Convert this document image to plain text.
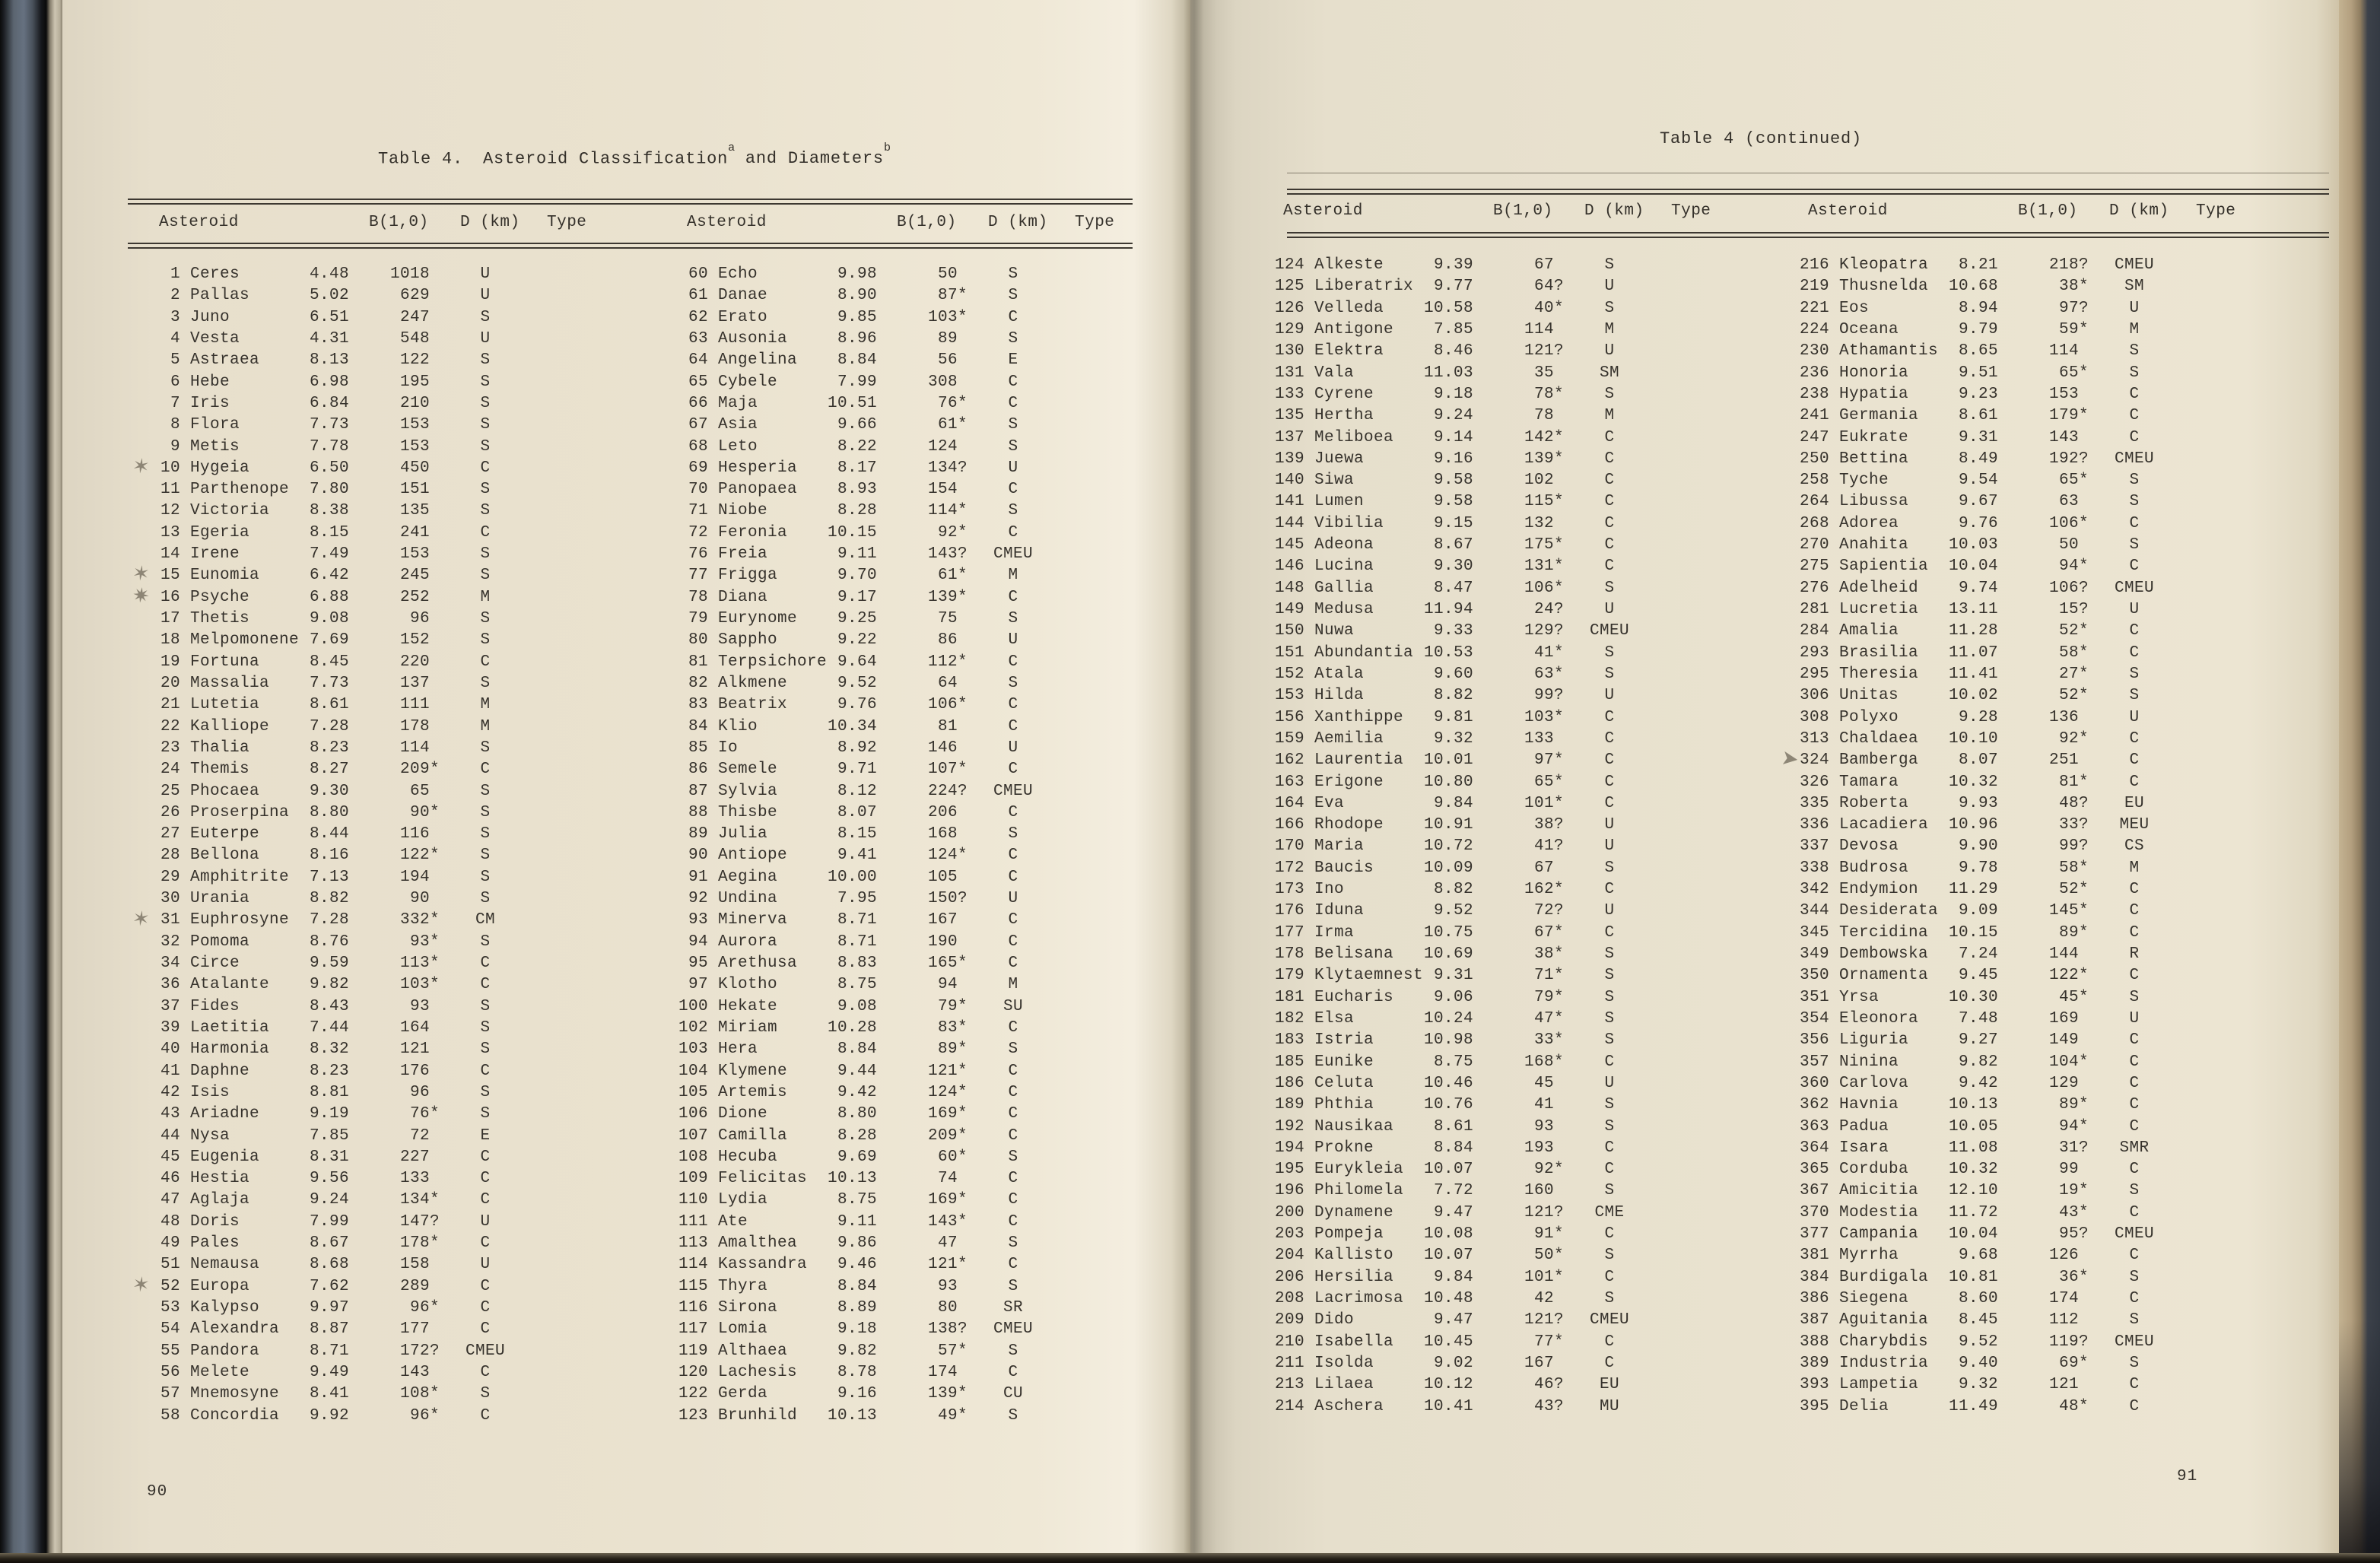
Table 4. Asteroid Classification$^a$and Diameters$^b$
Asteroid	B(1,0) D (km) Type	Asteroid	B(1,0) D (km) Type
1 Ceres	4.48	1018	U
2 Pallas	5.02	629	U
3 Juno	6.51	247	S
4 Vesta	4.31	548	U
5 Astraea	8.13	122	S
6 Hebe	6.98	195	S
7 Iris	6.84	210	S
8 Flora	7.73	153	S
9 Metis	7.78	153	S
10 Hygeia	6.50	450	C
11 Parthenope	7.80	151	S
12 Victoria	8.38	135	S
13 Egeria	8.15	241	C
14 Irene	7.49	153	S
15 Eunomia	6.42	245	S
16 Psyche	6.88	252	M
17 Thetis	9.08	96	S
18 Melpomonene 7.69	152	S
19 Fortuna	8.45	220	C
20 Massalia	7.73	137	S
21 Lutetia	8.61	111	M
22 Kalliope	7.28	178	M
23 Thalia	8.23	114	S
24 Themis	8.27	209 *	C
25 Phocaea	9.30	65	S
26 Proserpina	8.80	90 *	S
27 Euterpe	8.44	116	S
28 Bellona	8.16	122 *	S
29 Amphitrite	7.13	194	S
30 Urania	8.82	90	S
31 Euphrosyne	7.28	332 *	CM
32 Pomoma	8.76	93 *	S
34 Circe	9.59	113 *	C
36 Atalante	9.82	103 *	C
37 Fides	8.43	93	S
39 Laetitia	7.44	164	S
40 Harmonia	8.32	121	S
41 Daphne	8.23	176	C
42 Isis	8.81	96	S
43 Ariadne	9.19	76 *	S
44 Nysa	7.85	72	E
45 Eugenia	8.31	227	C
46 Hestia	9.56	133	C
47 Aglaja	9.24	134 *	C
48 Doris	7.99	147 ?	U
49 Pales	8.67	178 *	C
51 Nemausa	8.68	158	U
52 Europa	7.62	289	C
53 Kalypso	9.97	96 *	C
54 Alexandra	8.87	177	C
55 Pandora	8.71	172 ?	CMEU
56 Melete	9.49	143	C
57 Mnemosyne	8.41	108 *	S
58 Concordia	9.92	96 *	C
60 Echo	9.98	50	S
61 Danae	8.90	87 *	S
62 Erato	9.85	103 *	C
63 Ausonia	8.96	89	S
64 Angelina	8.84	56	E
65 Cybele	7.99	308	C
66 Maja	10.51	76 *	C
67 Asia	9.66	61 *	S
68 Leto	8.22	124	S
69 Hesperia	8.17	134 ?	U
70 Panopaea	8.93	154	C
71 Niobe	8.28	114 *	S
72 Feronia	10.15	92 *	C
76 Freia	9.11	143 ?	CMEU
77 Frigga	9.70	61 *	M
78 Diana	9.17	139 *	C
79 Eurynome	9.25	75	S
80 Sappho	9.22	86	U
81 Terpsichore 9.64	112 *	C
82 Alkmene	9.52	64	S
83 Beatrix	9.76	106 *	C
84 Klio	10.34	81	C
85 Io	8.92	146	U
86 Semele	9.71	107 *	C
87 Sylvia	8.12	224 ?	CMEU
88 Thisbe	8.07	206	C
89 Julia	8.15	168	S
90 Antiope	9.41	124 *	C
91 Aegina	10.00	105	C
92 Undina	7.95	150 ?	U
93 Minerva	8.71	167	C
94 Aurora	8.71	190	C
95 Arethusa	8.83	165 *	C
97 Klotho	8.75	94	M
100 Hekate	9.08	79 *	SU
102 Miriam	10.28	83 *	C
103 Hera	8.84	89 *	S
104 Klymene	9.44	121 *	C
105 Artemis	9.42	124 *	C
106 Dione	8.80	169 *	C
107 Camilla	8.28	209 *	C
108 Hecuba	9.69	60 *	S
109 Felicitas	10.13	74	C
110 Lydia	8.75	169 *	C
111 Ate	9.11	143 *	C
113 Amalthea	9.86	47	S
114 Kassandra	9.46	121 *	C
115 Thyra	8.84	93	S
116 Sirona	8.89	80	SR
117 Lomia	9.18	138 ?	CMEU
119 Althaea	9.82	57 *	S
120 Lachesis	8.78	174	C
122 Gerda	9.16	139 *	CU
123 Brunhild	10.13	49 *	S
90
Table 4 (continued)
Asteroid	B(1,0) D (km) Type	Asteroid	B(1,0) D (km) Type
124 Alkeste	9.39	67	S
125 Liberatrix	9.77	64 ?	U
126 Velleda	10.58	40 *	S
129 Antigone	7.85	114	M
130 Elektra	8.46	121 ?	U
131 Vala	11.03	35	SM
133 Cyrene	9.18	78 *	S
135 Hertha	9.24	78	M
137 Meliboea	9.14	142 *	C
139 Juewa	9.16	139 *	C
140 Siwa	9.58	102	C
141 Lumen	9.58	115 *	C
144 Vibilia	9.15	132	C
145 Adeona	8.67	175 *	C
146 Lucina	9.30	131 *	C
148 Gallia	8.47	106 *	S
149 Medusa	11.94	24 ?	U
150 Nuwa	9.33	129 ?	CMEU
151 Abundantia 10.53	41 *	S
152 Atala	9.60	63 *	S
153 Hilda	8.82	99 ?	U
156 Xanthippe	9.81	103 *	C
159 Aemilia	9.32	133	C
162 Laurentia	10.01	97 *	C
163 Erigone	10.80	65 *	C
164 Eva	9.84	101 *	C
166 Rhodope	10.91	38 ?	U
170 Maria	10.72	41 ?	U
172 Baucis	10.09	67	S
173 Ino	8.82	162 *	C
176 Iduna	9.52	72 ?	U
177 Irma	10.75	67 *	C
178 Belisana	10.69	38 *	S
179 Klytaemnest 9.31	71 *	S
181 Eucharis	9.06	79 *	S
182 Elsa	10.24	47 *	S
183 Istria	10.98	33 *	S
185 Eunike	8.75	168 *	C
186 Celuta	10.46	45	U
189 Phthia	10.76	41	S
192 Nausikaa	8.61	93	S
194 Prokne	8.84	193	C
195 Eurykleia	10.07	92 *	C
196 Philomela	7.72	160	S
200 Dynamene	9.47	121 ?	CME
203 Pompeja	10.08	91 *	C
204 Kallisto	10.07	50 *	S
206 Hersilia	9.84	101 *	C
208 Lacrimosa	10.48	42	S
209 Dido	9.47	121 ?	CMEU
210 Isabella	10.45	77 *	C
211 Isolda	9.02	167	C
213 Lilaea	10.12	46 ?	EU
214 Aschera	10.41	43 ?	MU
216 Kleopatra	8.21	218 ?	CMEU
219 Thusnelda	10.68	38 *	SM
221 Eos	8.94	97 ?	U
224 Oceana	9.79	59 *	M
230 Athamantis	8.65	114	S
236 Honoria	9.51	65 *	S
238 Hypatia	9.23	153	C
241 Germania	8.61	179 *	C
247 Eukrate	9.31	143	C
250 Bettina	8.49	192 ?	CMEU
258 Tyche	9.54	65 *	S
264 Libussa	9.67	63	S
268 Adorea	9.76	106 *	C
270 Anahita	10.03	50	S
275 Sapientia	10.04	94 *	C
276 Adelheid	9.74	106 ?	CMEU
281 Lucretia	13.11	15 ?	U
284 Amalia	11.28	52 *	C
293 Brasilia	11.07	58 *	C
295 Theresia	11.41	27 *	S
306 Unitas	10.02	52 *	S
308 Polyxo	9.28	136	U
313 Chaldaea	10.10	92 *	C
324 Bamberga	8.07	251	C
326 Tamara	10.32	81 *	C
335 Roberta	9.93	48 ?	EU
336 Lacadiera	10.96	33 ?	MEU
337 Devosa	9.90	99 ?	CS
338 Budrosa	9.78	58 *	M
342 Endymion	11.29	52 *	C
344 Desiderata	9.09	145 *	C
345 Tercidina	10.15	89 *	C
349 Dembowska	7.24	144	R
350 Ornamenta	9.45	122 *	C
351 Yrsa	10.30	45 *	S
354 Eleonora	7.48	169	U
356 Liguria	9.27	149	C
357 Ninina	9.82	104 *	C
360 Carlova	9.42	129	C
362 Havnia	10.13	89 *	C
363 Padua	10.05	94 *	C
364 Isara	11.08	31 ?	SMR
365 Corduba	10.32	99	C
367 Amicitia	12.10	19 *	S
370 Modestia	11.72	43 *	C
377 Campania	10.04	95 ?	CMEU
381 Myrrha	9.68	126	C
384 Burdigala	10.81	36 *	S
386 Siegena	8.60	174	C
387 Aguitania	8.45	112	S
388 Charybdis	9.52	119 ?	CMEU
389 Industria	9.40	69 *	S
393 Lampetia	9.32	121	C
395 Delia	11.49	48 *	C
91
✶
✶
✷
✶
✶
➤
